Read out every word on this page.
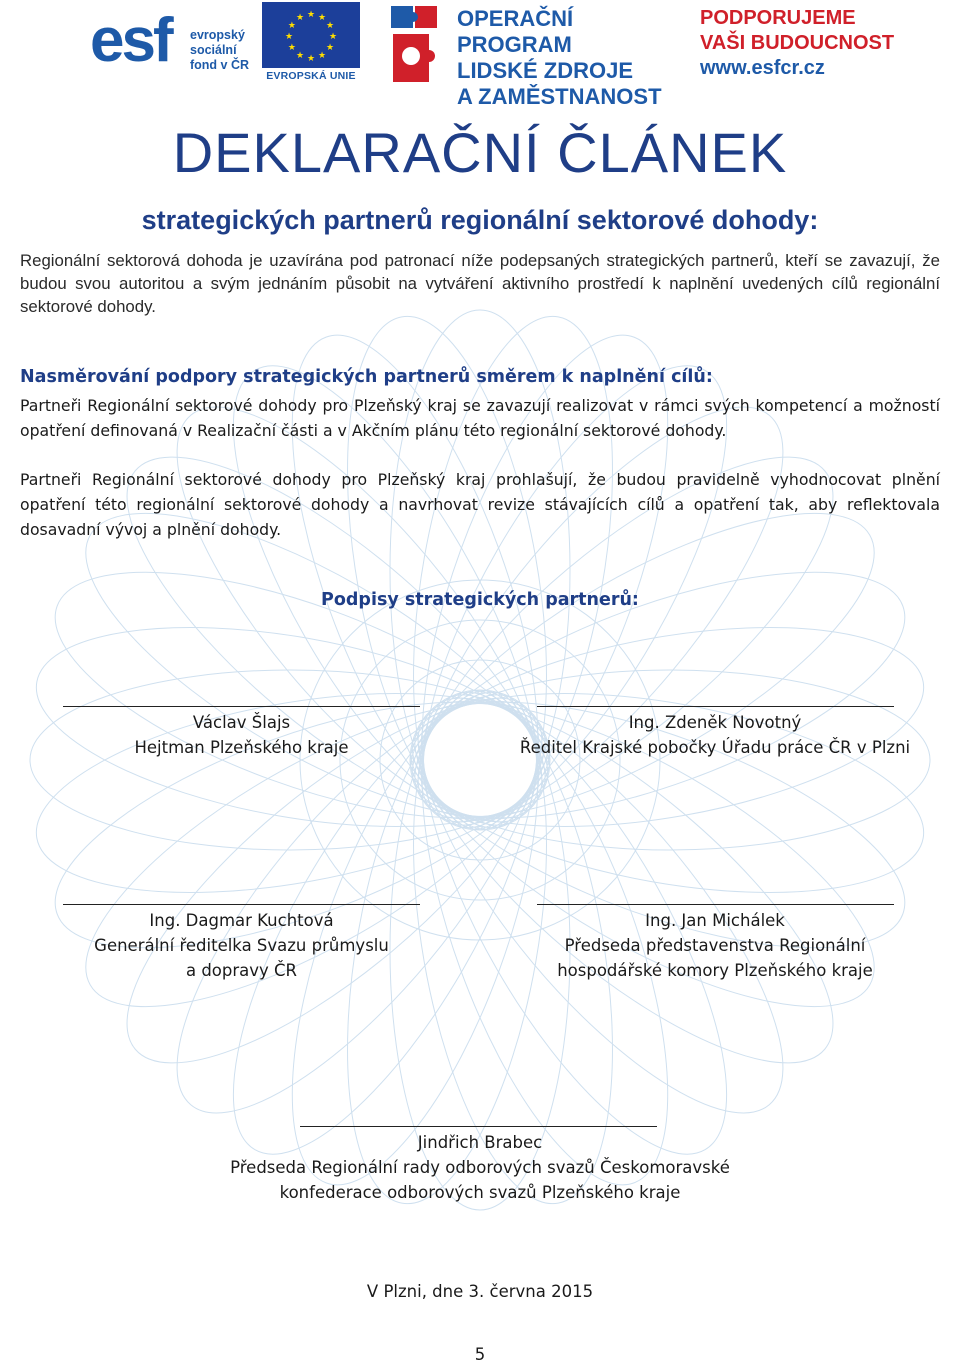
esf evropský
sociální
fond v ČR
★ ★
★
★
★
★
★
★
★
★
★
★
EVROPSKÁ UNIE
OPERAČNÍ PROGRAM
LIDSKÉ ZDROJE
A ZAMĚSTNANOST
PODPORUJEME
VAŠI BUDOUCNOST
www.esfcr.cz
DEKLARAČNÍ ČLÁNEK
strategických partnerů regionální sektorové dohody:
Regionální sektorová dohoda je uzavírána pod patronací níže podepsaných strategických partnerů, kteří se zavazují, že budou svou autoritou a svým jednáním působit na vytváření aktivního prostředí k naplnění uvedených cílů regionální sektorové dohody.
Nasměrování podpory strategických partnerů směrem k naplnění cílů:
Partneři Regionální sektorové dohody pro Plzeňský kraj se zavazují realizovat v rámci svých kompetencí a možností opatření definovaná v Realizační části a v Akčním plánu této regionální sektorové dohody.
Partneři Regionální sektorové dohody pro Plzeňský kraj prohlašují, že budou pravidelně vyhodnocovat plnění opatření této regionální sektorové dohody a navrhovat revize stávajících cílů a opatření tak, aby reflektovala dosavadní vývoj a plnění dohody.
Podpisy strategických partnerů:
Václav Šlajs
Hejtman Plzeňského kraje
Ing. Zdeněk Novotný
Ředitel Krajské pobočky Úřadu práce ČR v Plzni
Ing. Dagmar Kuchtová
Generální ředitelka Svazu průmyslu
a dopravy ČR
Ing. Jan Michálek
Předseda představenstva Regionální
hospodářské komory Plzeňského kraje
Jindřich Brabec
Předseda Regionální rady odborových svazů Českomoravské
konfederace odborových svazů Plzeňského kraje
V Plzni, dne 3. června 2015
5
